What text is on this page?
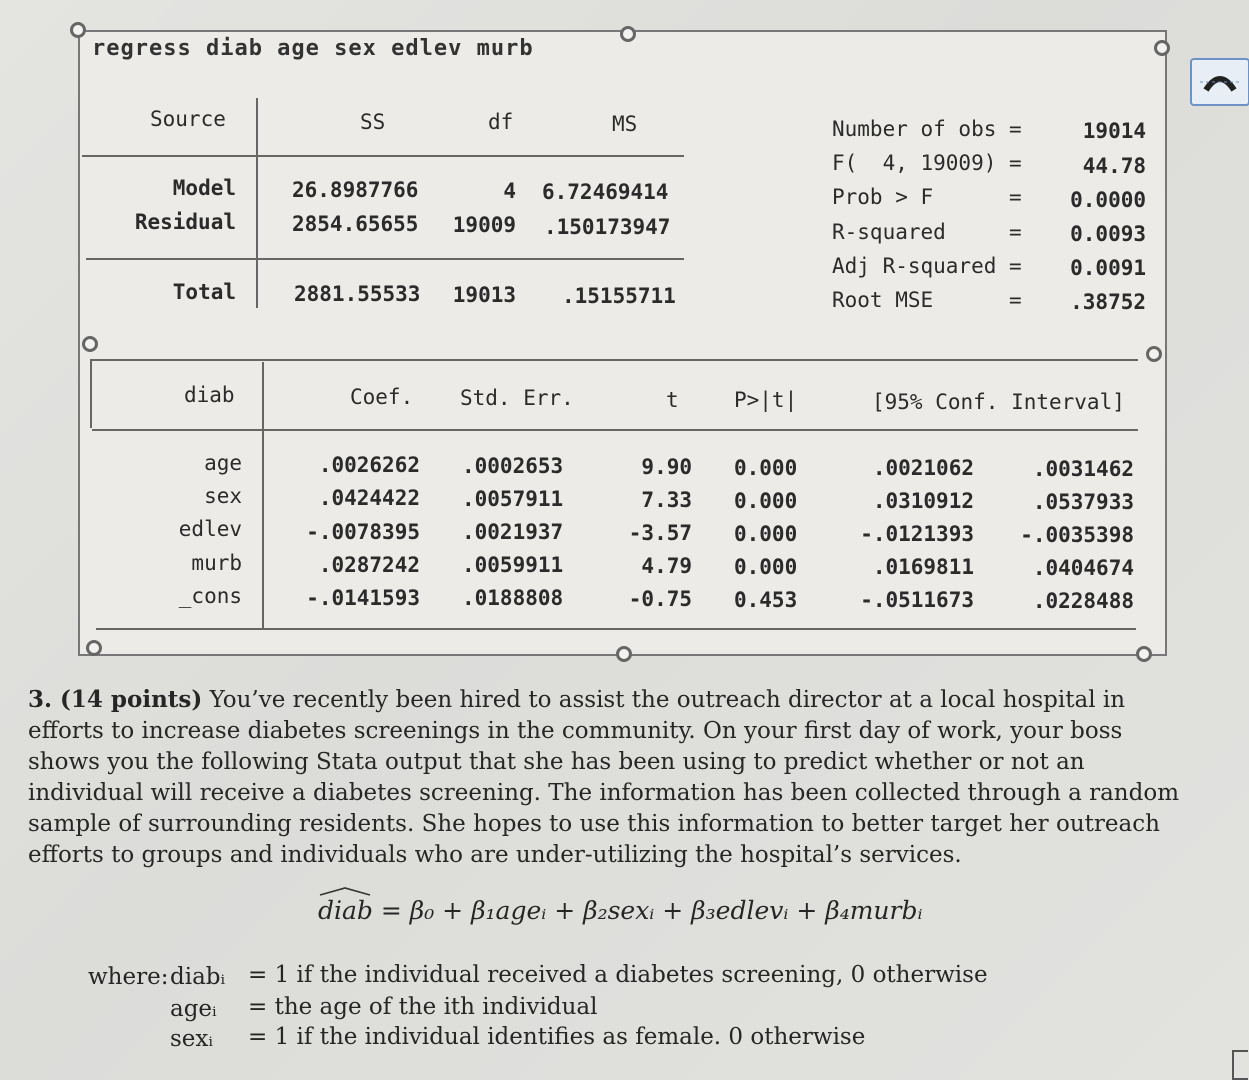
regress diab age sex edlev murb
Source	SS	df	MS
Model	26.8987766	4 6.72469414
Residual	2854.65655	19009 .150173947
Total	2881.55533	19013 .15155711
Number of obs =	19014
F(  4, 19009) =	44.78
Prob > F      =	0.0000
R-squared     =	0.0093
Adj R-squared =	0.0091
Root MSE      =	.38752
diab	Coef. Std. Err.	t	P>|t|	[95% Conf. Interval]
age	.0026262 .0002653	9.90 0.000	.0021062	.0031462
sex	.0424422 .0057911	7.33 0.000	.0310912	.0537933
edlev	-.0078395 .0021937	-3.57 0.000	-.0121393	-.0035398
murb	.0287242 .0059911	4.79 0.000	.0169811	.0404674
_cons	-.0141593 .0188808	-0.75 0.453	-.0511673	.0228488
3. (14 points) You’ve recently been hired to assist the outreach director at a local hospital in efforts to increase diabetes screenings in the community. On your first day of work, your boss shows you the following Stata output that she has been using to predict whether or not an individual will receive a diabetes screening. The information has been collected through a random sample of surrounding residents. She hopes to use this information to better target her outreach efforts to groups and individuals who are under-utilizing the hospital’s services.
diab = β₀ + β₁ageᵢ + β₂sexᵢ + β₃edlevᵢ + β₄murbᵢ
where: diabᵢ = 1 if the individual received a diabetes screening, 0 otherwise
ageᵢ = the age of the ith individual
sexᵢ = 1 if the individual identifies as female. 0 otherwise
